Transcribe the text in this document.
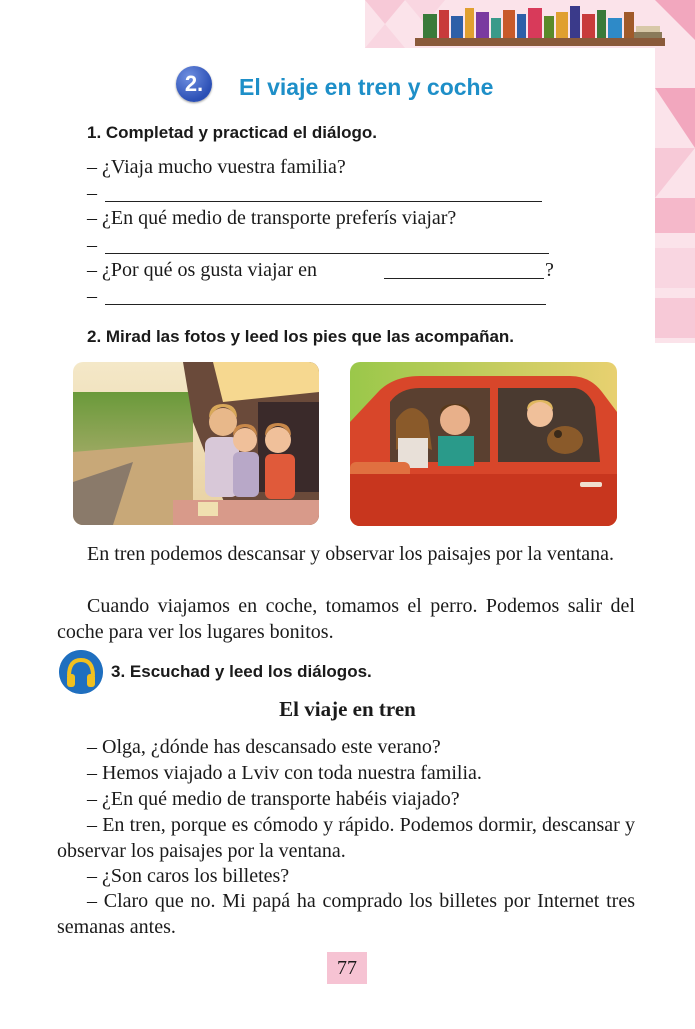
2.	El viaje en tren y coche
1. Completad y practicad el diálogo.
– ¿Viaja mucho vuestra familia?
–
– ¿En qué medio de transporte preferís viajar?
–
– ¿Por qué os gusta viajar en	?
–
2. Mirad las fotos y leed los pies que las acompañan.
En tren podemos descansar y observar los paisajes por la ventana.
Cuando viajamos en coche, tomamos el perro. Podemos salir del coche para ver los lugares bonitos.
3. Escuchad y leed los diálogos.
El viaje en tren
– Olga, ¿dónde has descansado este verano?
– Hemos viajado a Lviv con toda nuestra familia.
– ¿En qué medio de transporte habéis viajado?
– En tren, porque es cómodo y rápido. Podemos dormir, descansar y observar los paisajes por la ventana.
– ¿Son caros los billetes?
– Claro que no. Mi papá ha comprado los billetes por Internet tres semanas antes.
77
